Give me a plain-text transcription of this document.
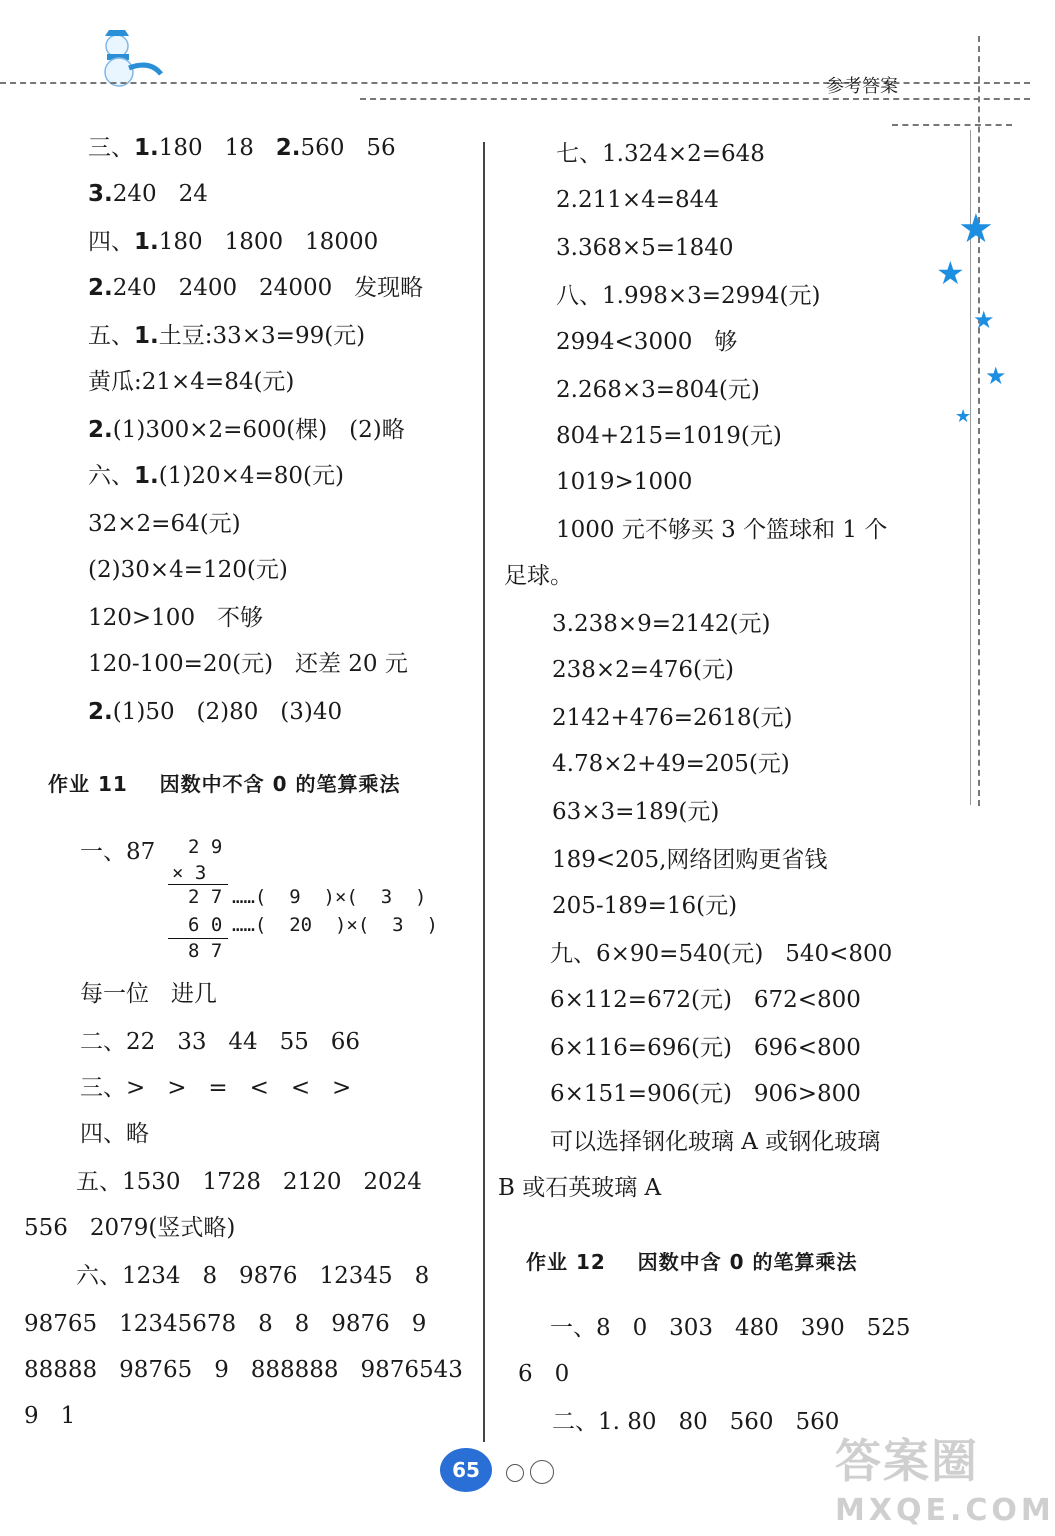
参考答案
★
★
★
★
★
三、1.180   18   2.560   56
3.240   24
四、1.180   1800   18000
2.240   2400   24000   发现略
五、1.土豆:33×3=99(元)
黄瓜:21×4=84(元)
2.(1)300×2=600(棵)   (2)略
六、1.(1)20×4=80(元)
32×2=64(元)
(2)30×4=120(元)
120>100   不够
120-100=20(元)   还差 20 元
2.(1)50   (2)80   (3)40
作业 11    因数中不含 0 的笔算乘法
一、87 2 9
× 3
2 7 ……(  9  )×(  3  )
6 0 ……(  20  )×(  3  )
8 7
每一位   进几
二、22   33   44   55   66
三、>   >   =   <   <   >
四、略
五、1530   1728   2120   2024
556   2079(竖式略)
六、1234   8   9876   12345   8
98765   12345678   8   8   9876   9
88888   98765   9   888888   9876543
9   1
七、1.324×2=648
2.211×4=844
3.368×5=1840
八、1.998×3=2994(元)
2994<3000   够
2.268×3=804(元)
804+215=1019(元)
1019>1000
1000 元不够买 3 个篮球和 1 个
足球。
3.238×9=2142(元)
238×2=476(元)
2142+476=2618(元)
4.78×2+49=205(元)
63×3=189(元)
189<205,网络团购更省钱
205-189=16(元)
九、6×90=540(元)   540<800
6×112=672(元)   672<800
6×116=696(元)   696<800
6×151=906(元)   906>800
可以选择钢化玻璃 A 或钢化玻璃
B 或石英玻璃 A
作业 12    因数中含 0 的笔算乘法
一、8   0   303   480   390   525
6   0
二、1. 80   80   560   560
65	答案圈
MXQE.COM
